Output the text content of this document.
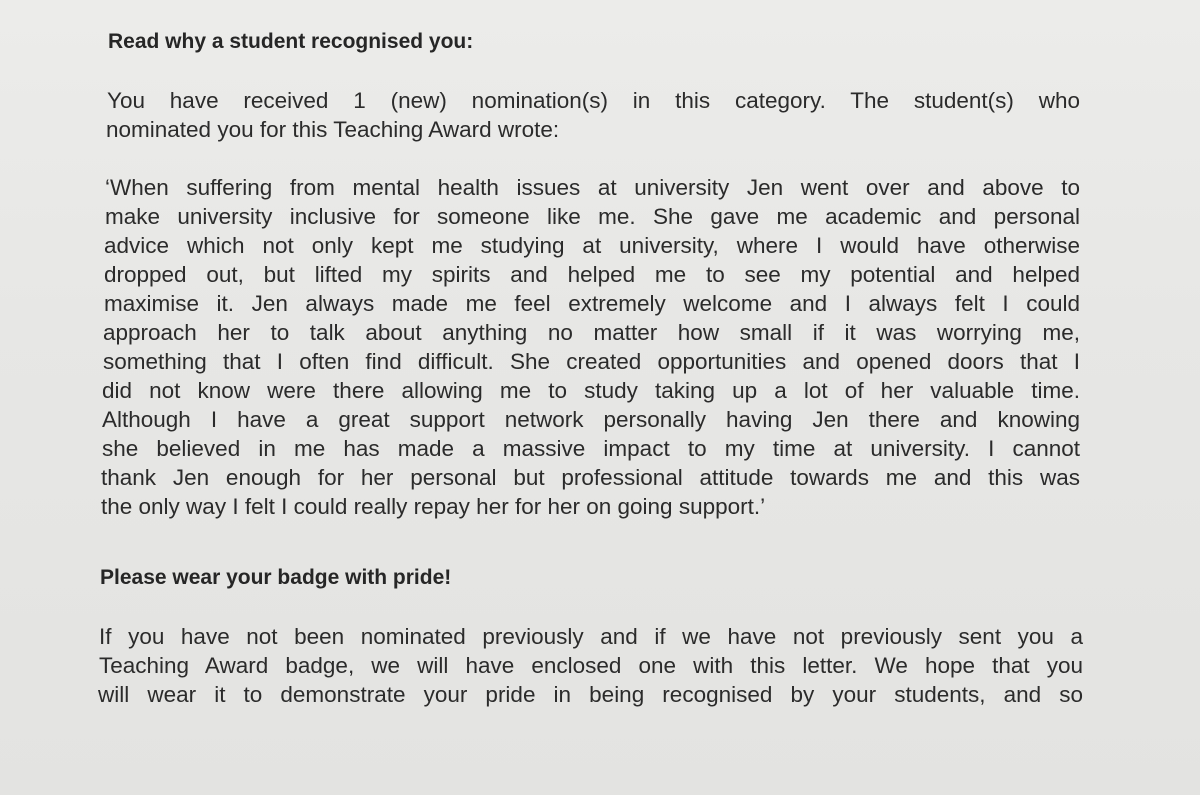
Read why a student recognised you:

You have received 1 (new) nomination(s) in this category. The student(s) who

nominated you for this Teaching Award wrote:

‘When suffering from mental health issues at university Jen went over and above to

make university inclusive for someone like me. She gave me academic and personal

advice which not only kept me studying at university, where I would have otherwise

dropped out, but lifted my spirits and helped me to see my potential and helped

maximise it. Jen always made me feel extremely welcome and I always felt I could

approach her to talk about anything no matter how small if it was worrying me,

something that I often find difficult. She created opportunities and opened doors that I

did not know were there allowing me to study taking up a lot of her valuable time.

Although I have a great support network personally having Jen there and knowing

she believed in me has made a massive impact to my time at university. I cannot

thank Jen enough for her personal but professional attitude towards me and this was

the only way I felt I could really repay her for her on going support.’

Please wear your badge with pride!

If you have not been nominated previously and if we have not previously sent you a

Teaching Award badge, we will have enclosed one with this letter. We hope that you

will wear it to demonstrate your pride in being recognised by your students, and so
